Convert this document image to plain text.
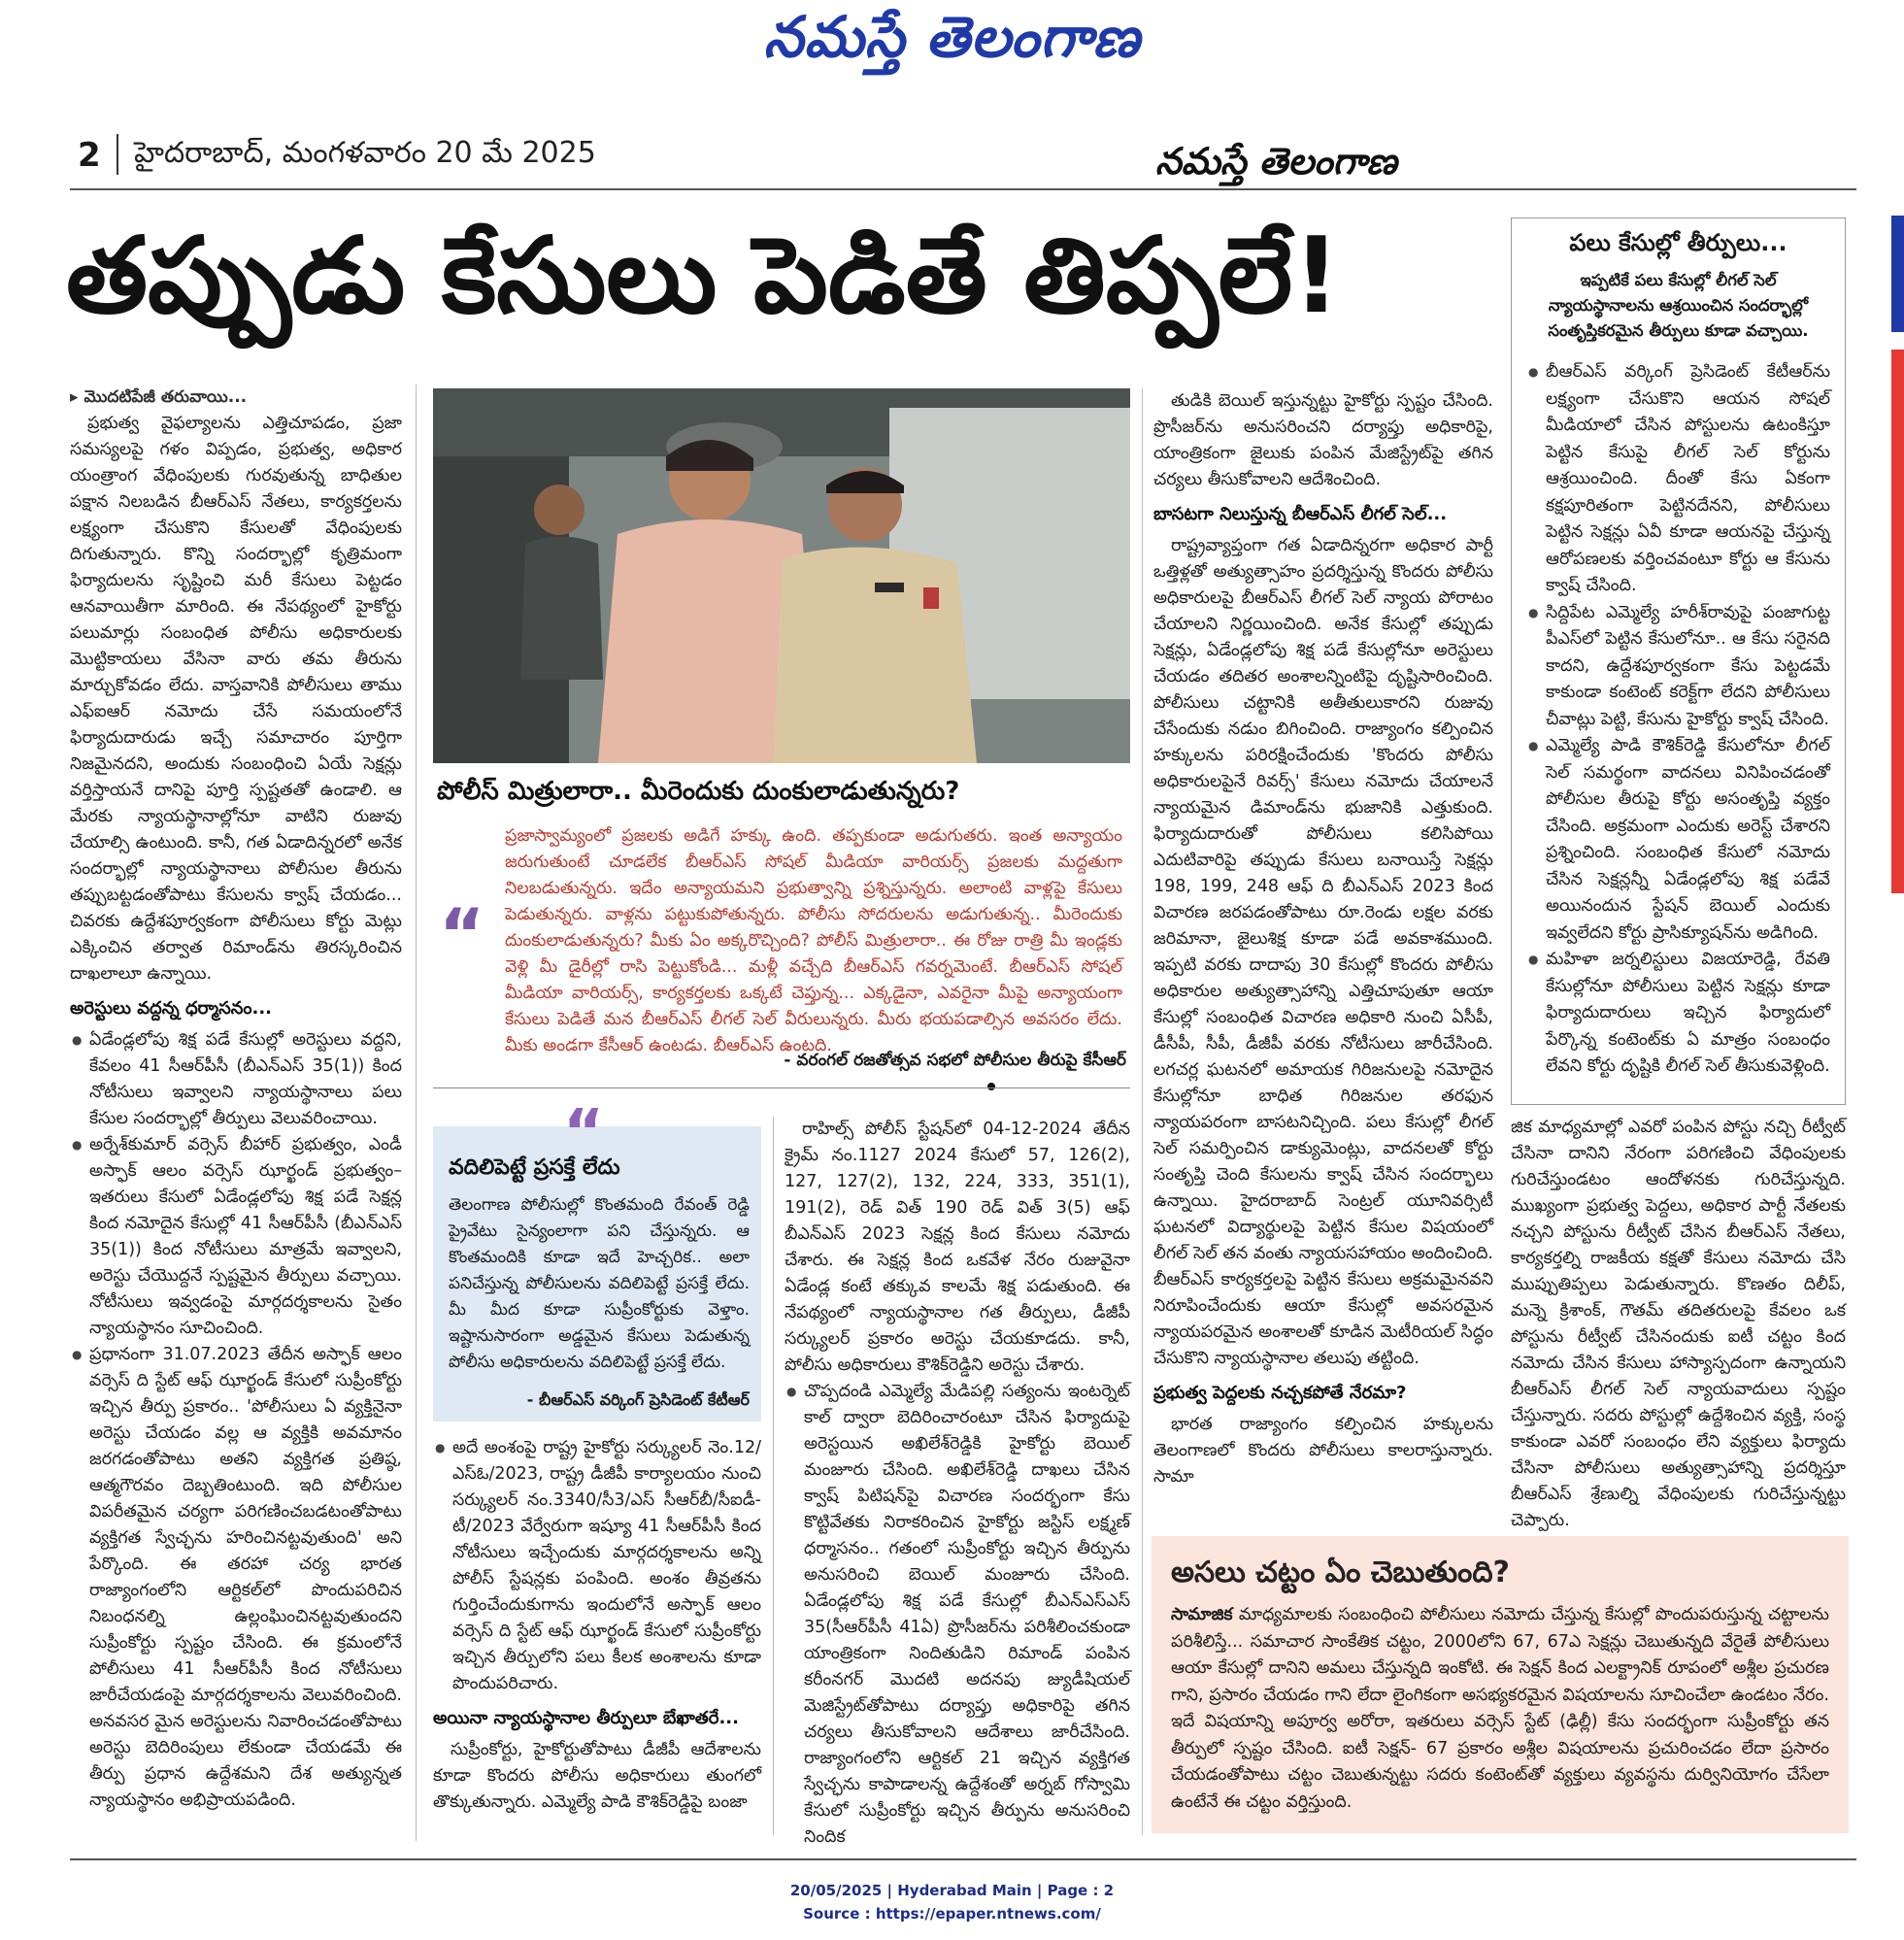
నమస్తే తెలంగాణ
2 హైదరాబాద్, మంగళవారం 20 మే 2025	నమస్తే తెలంగాణ
తప్పుడు కేసులు పెడితే తిప్పలే!
▸ మొదటిపేజీ తరువాయి...

ప్రభుత్వ వైఫల్యాలను ఎత్తిచూపడం, ప్రజా సమస్యలపై గళం విప్పడం, ప్రభుత్వ, అధికార యంత్రాంగ వేధింపులకు గురవుతున్న బాధితుల పక్షాన నిలబడిన బీఆర్ఎస్ నేతలు, కార్యకర్తలను లక్ష్యంగా చేసుకొని కేసులతో వేధింపులకు దిగుతున్నారు. కొన్ని సందర్భాల్లో కృత్రిమంగా ఫిర్యాదులను సృష్టించి మరీ కేసులు పెట్టడం ఆనవాయితీగా మారింది. ఈ నేపథ్యంలో హైకోర్టు పలుమార్లు సంబంధిత పోలీసు అధికారులకు మొట్టికాయలు వేసినా వారు తమ తీరును మార్చుకోవడం లేదు. వాస్తవానికి పోలీసులు తాము ఎఫ్ఐఆర్ నమోదు చేసే సమయంలోనే ఫిర్యాదుదారుడు ఇచ్చే సమాచారం పూర్తిగా నిజమైనదని, అందుకు సంబంధించి ఏయే సెక్షన్లు వర్తిస్తాయనే దానిపై పూర్తి స్పష్టతతో ఉండాలి. ఆ మేరకు న్యాయస్థానాల్లోనూ వాటిని రుజువు చేయాల్సి ఉంటుంది. కానీ, గత ఏడాదిన్నరలో అనేక సందర్భాల్లో న్యాయస్థానాలు పోలీసుల తీరును తప్పుబట్టడంతోపాటు కేసులను క్వాష్ చేయడం... చివరకు ఉద్దేశపూర్వకంగా పోలీసులు కోర్టు మెట్లు ఎక్కించిన తర్వాత రిమాండ్‌ను తిరస్కరించిన దాఖలాలూ ఉన్నాయి.

అరెస్టులు వద్దన్న ధర్మాసనం...

● ఏడేండ్లలోపు శిక్ష పడే కేసుల్లో అరెస్టులు వద్దని, కేవలం 41 సీఆర్‌పీసీ (బీఎన్ఎస్ 35(1)) కింద నోటీసులు ఇవ్వాలని న్యాయస్థానాలు పలు కేసుల సందర్భాల్లో తీర్పులు వెలువరించాయి.

● అర్నేశ్‌కుమార్ వర్సెస్ బీహార్ ప్రభుత్వం, ఎండీ అస్ఫాక్ ఆలం వర్సెస్ ఝార్ఖండ్ ప్రభుత్వం–ఇతరులు కేసులో ఏడేండ్లలోపు శిక్ష పడే సెక్షన్ల కింద నమోదైన కేసుల్లో 41 సీఆర్‌పీసీ (బీఎన్ఎస్ 35(1)) కింద నోటీసులు మాత్రమే ఇవ్వాలని, అరెస్టు చేయొద్దనే స్పష్టమైన తీర్పులు వచ్చాయి. నోటీసులు ఇవ్వడంపై మార్గదర్శకాలను సైతం న్యాయస్థానం సూచించింది.

● ప్రధానంగా 31.07.2023 తేదీన అస్ఫాక్ ఆలం వర్సెస్ ది స్టేట్ ఆఫ్ ఝార్ఖండ్ కేసులో సుప్రీంకోర్టు ఇచ్చిన తీర్పు ప్రకారం.. 'పోలీసులు ఏ వ్యక్తినైనా అరెస్టు చేయడం వల్ల ఆ వ్యక్తికి అవమానం జరగడంతోపాటు అతని వ్యక్తిగత ప్రతిష్ఠ, ఆత్మగౌరవం దెబ్బతింటుంది. ఇది పోలీసుల విపరీతమైన చర్యగా పరిగణించబడటంతోపాటు వ్యక్తిగత స్వేచ్ఛను హరించినట్టవుతుంది' అని పేర్కొంది. ఈ తరహా చర్య భారత రాజ్యాంగంలోని ఆర్టికల్‌లో పొందుపరిచిన నిబంధనల్ని ఉల్లంఘించినట్టవుతుందని సుప్రీంకోర్టు స్పష్టం చేసింది. ఈ క్రమంలోనే పోలీసులు 41 సీఆర్‌పీసీ కింద నోటీసులు జారీచేయడంపై మార్గదర్శకాలను వెలువరించింది. అనవసర మైన అరెస్టులను నివారించడంతోపాటు అరెస్టు బెదిరింపులు లేకుండా చేయడమే ఈ తీర్పు ప్రధాన ఉద్దేశమని దేశ అత్యున్నత న్యాయస్థానం అభిప్రాయపడింది.

పోలీస్ మిత్రులారా.. మీరెందుకు దుంకులాడుతున్నరు?
“
ప్రజాస్వామ్యంలో ప్రజలకు అడిగే హక్కు ఉంది. తప్పకుండా అడుగుతరు. ఇంత అన్యాయం జరుగుతుంటే చూడలేక బీఆర్ఎస్ సోషల్ మీడియా వారియర్స్ ప్రజలకు మద్దతుగా నిలబడుతున్నరు. ఇదేం అన్యాయమని ప్రభుత్వాన్ని ప్రశ్నిస్తున్నరు. అలాంటి వాళ్లపై కేసులు పెడుతున్నరు. వాళ్లను పట్టుకుపోతున్నరు. పోలీసు సోదరులను అడుగుతున్న.. మీరెందుకు దుంకులాడుతున్నరు? మీకు ఏం అక్కరొచ్చింది? పోలీస్ మిత్రులారా.. ఈ రోజు రాత్రి మీ ఇండ్లకు వెళ్లి మీ డైరీల్లో రాసి పెట్టుకోండి... మళ్లీ వచ్చేది బీఆర్ఎస్ గవర్నమెంటే. బీఆర్ఎస్ సోషల్ మీడియా వారియర్స్, కార్యకర్తలకు ఒక్కటే చెప్తున్న... ఎక్కడైనా, ఎవరైనా మీపై అన్యాయంగా కేసులు పెడితే మన బీఆర్ఎస్ లీగల్ సెల్ వీరులున్నరు. మీరు భయపడాల్సిన అవసరం లేదు. మీకు అండగా కేసీఆర్ ఉంటడు. బీఆర్ఎస్ ఉంటది.
- వరంగల్ రజతోత్సవ సభలో పోలీసుల తీరుపై కేసీఆర్
“
వదిలిపెట్టే ప్రసక్తే లేదు
తెలంగాణ పోలీసుల్లో కొంతమంది రేవంత్ రెడ్డి ప్రైవేటు సైన్యంలాగా పని చేస్తున్నరు. ఆ కొంతమందికి కూడా ఇదే హెచ్చరిక.. అలా పనిచేస్తున్న పోలీసులను వదిలిపెట్టే ప్రసక్తే లేదు. మీ మీద కూడా సుప్రీంకోర్టుకు వెళ్తాం. ఇష్టానుసారంగా అడ్డమైన కేసులు పెడుతున్న పోలీసు అధికారులను వదిలిపెట్టే ప్రసక్తే లేదు.
- బీఆర్ఎస్ వర్కింగ్ ప్రెసిడెంట్ కేటీఆర్

● అదే అంశంపై రాష్ట్ర హైకోర్టు సర్క్యులర్ నెం.12/ఎస్ఓ/2023, రాష్ట్ర డీజీపీ కార్యాలయం నుంచి సర్క్యులర్ నం.3340/సీ3/ఎస్ సీఆర్‌బీ/సీఐడీ-టీ/2023 వేర్వేరుగా ఇష్యూ 41 సీఆర్‌పీసీ కింద నోటీసులు ఇచ్చేందుకు మార్గదర్శకాలను అన్ని పోలీస్ స్టేషన్లకు పంపింది. అంశం తీవ్రతను గుర్తించేందుకుగాను ఇందులోనే అస్ఫాక్ ఆలం వర్సెస్ ది స్టేట్ ఆఫ్ ఝార్ఖండ్ కేసులో సుప్రీంకోర్టు ఇచ్చిన తీర్పులోని పలు కీలక అంశాలను కూడా పొందుపరిచారు.

అయినా న్యాయస్థానాల తీర్పులూ బేఖాతరే...

సుప్రీంకోర్టు, హైకోర్టుతోపాటు డీజీపీ ఆదేశాలను కూడా కొందరు పోలీసు అధికారులు తుంగలో తొక్కుతున్నారు. ఎమ్మెల్యే పాడి కౌశిక్‌రెడ్డిపై బంజా

రాహిల్స్ పోలీస్ స్టేషన్‌లో 04-12-2024 తేదీన క్రైమ్ నం.1127 2024 కేసులో 57, 126(2), 127, 127(2), 132, 224, 333, 351(1), 191(2), రెడ్ విత్ 190 రెడ్ విత్ 3(5) ఆఫ్ బీఎన్ఎస్ 2023 సెక్షన్ల కింద కేసులు నమోదు చేశారు. ఈ సెక్షన్ల కింద ఒకవేళ నేరం రుజువైనా ఏడేండ్ల కంటే తక్కువ కాలమే శిక్ష పడుతుంది. ఈ నేపథ్యంలో న్యాయస్థానాల గత తీర్పులు, డీజీపీ సర్క్యులర్ ప్రకారం అరెస్టు చేయకూడదు. కానీ, పోలీసు అధికారులు కౌశిక్‌రెడ్డిని అరెస్టు చేశారు.

● చొప్పదండి ఎమ్మెల్యే మేడిపల్లి సత్యంను ఇంటర్నెట్ కాల్ ద్వారా బెదిరించారంటూ చేసిన ఫిర్యాదుపై అరెస్టయిన అఖిలేశ్‌రెడ్డికి హైకోర్టు బెయిల్ మంజూరు చేసింది. అఖిలేశ్‌రెడ్డి దాఖలు చేసిన క్వాష్ పిటిషన్‌పై విచారణ సందర్భంగా కేసు కొట్టివేతకు నిరాకరించిన హైకోర్టు జస్టిస్ లక్ష్మణ్ ధర్మాసనం.. గతంలో సుప్రీంకోర్టు ఇచ్చిన తీర్పును అనుసరించి బెయిల్ మంజూరు చేసింది. ఏడేండ్లలోపు శిక్ష పడే కేసుల్లో బీఎన్ఎస్ఎస్ 35(సీఆర్‌పీసీ 41ఏ) ప్రొసీజర్‌ను పరిశీలించకుండా యాంత్రికంగా నిందితుడిని రిమాండ్ పంపిన కరీంనగర్ మొదటి అదనపు జ్యుడీషియల్ మెజిస్ట్రేట్‌తోపాటు దర్యాప్తు అధికారిపై తగిన చర్యలు తీసుకోవాలని ఆదేశాలు జారీచేసింది. రాజ్యాంగంలోని ఆర్టికల్ 21 ఇచ్చిన వ్యక్తిగత స్వేచ్ఛను కాపాడాలన్న ఉద్దేశంతో అర్నబ్ గోస్వామి కేసులో సుప్రీంకోర్టు ఇచ్చిన తీర్పును అనుసరించి నిందిక

తుడికి బెయిల్ ఇస్తున్నట్టు హైకోర్టు స్పష్టం చేసింది. ప్రొసీజర్‌ను అనుసరించని దర్యాప్తు అధికారిపై, యాంత్రికంగా జైలుకు పంపిన మేజిస్ట్రేట్‌పై తగిన చర్యలు తీసుకోవాలని ఆదేశించింది.

బాసటగా నిలుస్తున్న బీఆర్ఎస్ లీగల్ సెల్...

రాష్ట్రవ్యాప్తంగా గత ఏడాదిన్నరగా అధికార పార్టీ ఒత్తిళ్లతో అత్యుత్సాహం ప్రదర్శిస్తున్న కొందరు పోలీసు అధికారులపై బీఆర్ఎస్ లీగల్ సెల్ న్యాయ పోరాటం చేయాలని నిర్ణయించింది. అనేక కేసుల్లో తప్పుడు సెక్షన్లు, ఏడేండ్లలోపు శిక్ష పడే కేసుల్లోనూ అరెస్టులు చేయడం తదితర అంశాలన్నింటిపై దృష్టిసారించింది. పోలీసులు చట్టానికి అతీతులుకారని రుజువు చేసేందుకు నడుం బిగించింది. రాజ్యాంగం కల్పించిన హక్కులను పరిరక్షించేందుకు 'కొందరు పోలీసు అధికారులపైనే రివర్స్' కేసులు నమోదు చేయాలనే న్యాయమైన డిమాండ్‌ను భుజానికి ఎత్తుకుంది. ఫిర్యాదుదారుతో పోలీసులు కలిసిపోయి ఎదుటివారిపై తప్పుడు కేసులు బనాయిస్తే సెక్షన్లు 198, 199, 248 ఆఫ్ ది బీఎన్ఎస్ 2023 కింద విచారణ జరపడంతోపాటు రూ.రెండు లక్షల వరకు జరిమానా, జైలుశిక్ష కూడా పడే అవకాశముంది. ఇప్పటి వరకు దాదాపు 30 కేసుల్లో కొందరు పోలీసు అధికారుల అత్యుత్సాహాన్ని ఎత్తిచూపుతూ ఆయా కేసుల్లో సంబంధిత విచారణ అధికారి నుంచి ఏసీపీ, డీసీపీ, సీపీ, డీజీపీ వరకు నోటీసులు జారీచేసింది. లగచర్ల ఘటనలో అమాయక గిరిజనులపై నమోదైన కేసుల్లోనూ బాధిత గిరిజనుల తరఫున న్యాయపరంగా బాసటనిచ్చింది. పలు కేసుల్లో లీగల్ సెల్ సమర్పించిన డాక్యుమెంట్లు, వాదనలతో కోర్టు సంతృప్తి చెంది కేసులను క్వాష్ చేసిన సందర్భాలు ఉన్నాయి. హైదరాబాద్ సెంట్రల్ యూనివర్సిటీ ఘటనలో విద్యార్థులపై పెట్టిన కేసుల విషయంలో లీగల్ సెల్ తన వంతు న్యాయసహాయం అందించింది. బీఆర్ఎస్ కార్యకర్తలపై పెట్టిన కేసులు అక్రమమైనవని నిరూపించేందుకు ఆయా కేసుల్లో అవసరమైన న్యాయపరమైన అంశాలతో కూడిన మెటీరియల్ సిద్ధం చేసుకొని న్యాయస్థానాల తలుపు తట్టింది.

ప్రభుత్వ పెద్దలకు నచ్చకపోతే నేరమా?

భారత రాజ్యాంగం కల్పించిన హక్కులను తెలంగాణలో కొందరు పోలీసులు కాలరాస్తున్నారు. సామా

పలు కేసుల్లో తీర్పులు...
ఇప్పటికే పలు కేసుల్లో లీగల్ సెల్ న్యాయస్థానాలను ఆశ్రయించిన సందర్భాల్లో సంతృప్తికరమైన తీర్పులు కూడా వచ్చాయి.

● బీఆర్ఎస్ వర్కింగ్ ప్రెసిడెంట్ కేటీఆర్‌ను లక్ష్యంగా చేసుకొని ఆయన సోషల్ మీడియాలో చేసిన పోస్టులను ఉటంకిస్తూ పెట్టిన కేసుపై లీగల్ సెల్ కోర్టును ఆశ్రయించింది. దీంతో కేసు ఏకంగా కక్షపూరితంగా పెట్టినదేనని, పోలీసులు పెట్టిన సెక్షన్లు ఏవీ కూడా ఆయనపై చేస్తున్న ఆరోపణలకు వర్తించవంటూ కోర్టు ఆ కేసును క్వాష్ చేసింది.

● సిద్దిపేట ఎమ్మెల్యే హరీశ్‌రావుపై పంజాగుట్ట పీఎస్‌లో పెట్టిన కేసులోనూ.. ఆ కేసు సరైనది కాదని, ఉద్దేశపూర్వకంగా కేసు పెట్టడమే కాకుండా కంటెంట్ కరెక్ట్‌గా లేదని పోలీసులు చీవాట్లు పెట్టి, కేసును హైకోర్టు క్వాష్ చేసింది.

● ఎమ్మెల్యే పాడి కౌశిక్‌రెడ్డి కేసులోనూ లీగల్ సెల్ సమర్థంగా వాదనలు వినిపించడంతో పోలీసుల తీరుపై కోర్టు అసంతృప్తి వ్యక్తం చేసింది. అక్రమంగా ఎందుకు అరెస్ట్ చేశారని ప్రశ్నించింది. సంబంధిత కేసులో నమోదు చేసిన సెక్షన్లన్నీ ఏడేండ్లలోపు శిక్ష పడేవే అయినందున స్టేషన్ బెయిల్ ఎందుకు ఇవ్వలేదని కోర్టు ప్రాసిక్యూషన్‌ను అడిగింది.

● మహిళా జర్నలిస్టులు విజయారెడ్డి, రేవతి కేసుల్లోనూ పోలీసులు పెట్టిన సెక్షన్లు కూడా ఫిర్యాదుదారులు ఇచ్చిన ఫిర్యాదులో పేర్కొన్న కంటెంట్‌కు ఏ మాత్రం సంబంధం లేవని కోర్టు దృష్టికి లీగల్ సెల్ తీసుకువెళ్లింది.

జిక మాధ్యమాల్లో ఎవరో పంపిన పోస్టు నచ్చి రీట్వీట్ చేసినా దానిని నేరంగా పరిగణించి వేధింపులకు గురిచేస్తుండటం ఆందోళనకు గురిచేస్తున్నది. ముఖ్యంగా ప్రభుత్వ పెద్దలు, అధికార పార్టీ నేతలకు నచ్చని పోస్టును రీట్వీట్ చేసిన బీఆర్ఎస్ నేతలు, కార్యకర్తల్ని రాజకీయ కక్షతో కేసులు నమోదు చేసి ముప్పుతిప్పలు పెడుతున్నారు. కొణతం దిలీప్, మన్నె క్రిశాంక్, గౌతమ్ తదితరులపై కేవలం ఒక పోస్టును రీట్వీట్ చేసినందుకు ఐటీ చట్టం కింద నమోదు చేసిన కేసులు హాస్యాస్పదంగా ఉన్నాయని బీఆర్ఎస్ లీగల్ సెల్ న్యాయవాదులు స్పష్టం చేస్తున్నారు. సదరు పోస్టుల్లో ఉద్దేశించిన వ్యక్తి, సంస్థ కాకుండా ఎవరో సంబంధం లేని వ్యక్తులు ఫిర్యాదు చేసినా పోలీసులు అత్యుత్సాహాన్ని ప్రదర్శిస్తూ బీఆర్ఎస్ శ్రేణుల్ని వేధింపులకు గురిచేస్తున్నట్టు చెప్పారు.

అసలు చట్టం ఏం చెబుతుంది?
సామాజిక మాధ్యమాలకు సంబంధించి పోలీసులు నమోదు చేస్తున్న కేసుల్లో పొందుపరుస్తున్న చట్టాలను పరిశీలిస్తే... సమాచార సాంకేతిక చట్టం, 2000లోని 67, 67ఎ సెక్షన్లు చెబుతున్నది వేరైతే పోలీసులు ఆయా కేసుల్లో దానిని అమలు చేస్తున్నది ఇంకోటి. ఈ సెక్షన్ కింద ఎలక్ట్రానిక్ రూపంలో అశ్లీల ప్రచురణ గాని, ప్రసారం చేయడం గాని లేదా లైంగికంగా అసభ్యకరమైన విషయాలను సూచించేలా ఉండటం నేరం. ఇదే విషయాన్ని అపూర్వ అరోరా, ఇతరులు వర్సెస్ స్టేట్ (ఢిల్లీ) కేసు సందర్భంగా సుప్రీంకోర్టు తన తీర్పులో స్పష్టం చేసింది. ఐటీ సెక్షన్- 67 ప్రకారం అశ్లీల విషయాలను ప్రచురించడం లేదా ప్రసారం చేయడంతోపాటు చట్టం చెబుతున్నట్టు సదరు కంటెంట్‌తో వ్యక్తులు వ్యవస్థను దుర్వినియోగం చేసేలా ఉంటేనే ఈ చట్టం వర్తిస్తుంది.
20/05/2025 | Hyderabad Main | Page : 2
Source : https://epaper.ntnews.com/
